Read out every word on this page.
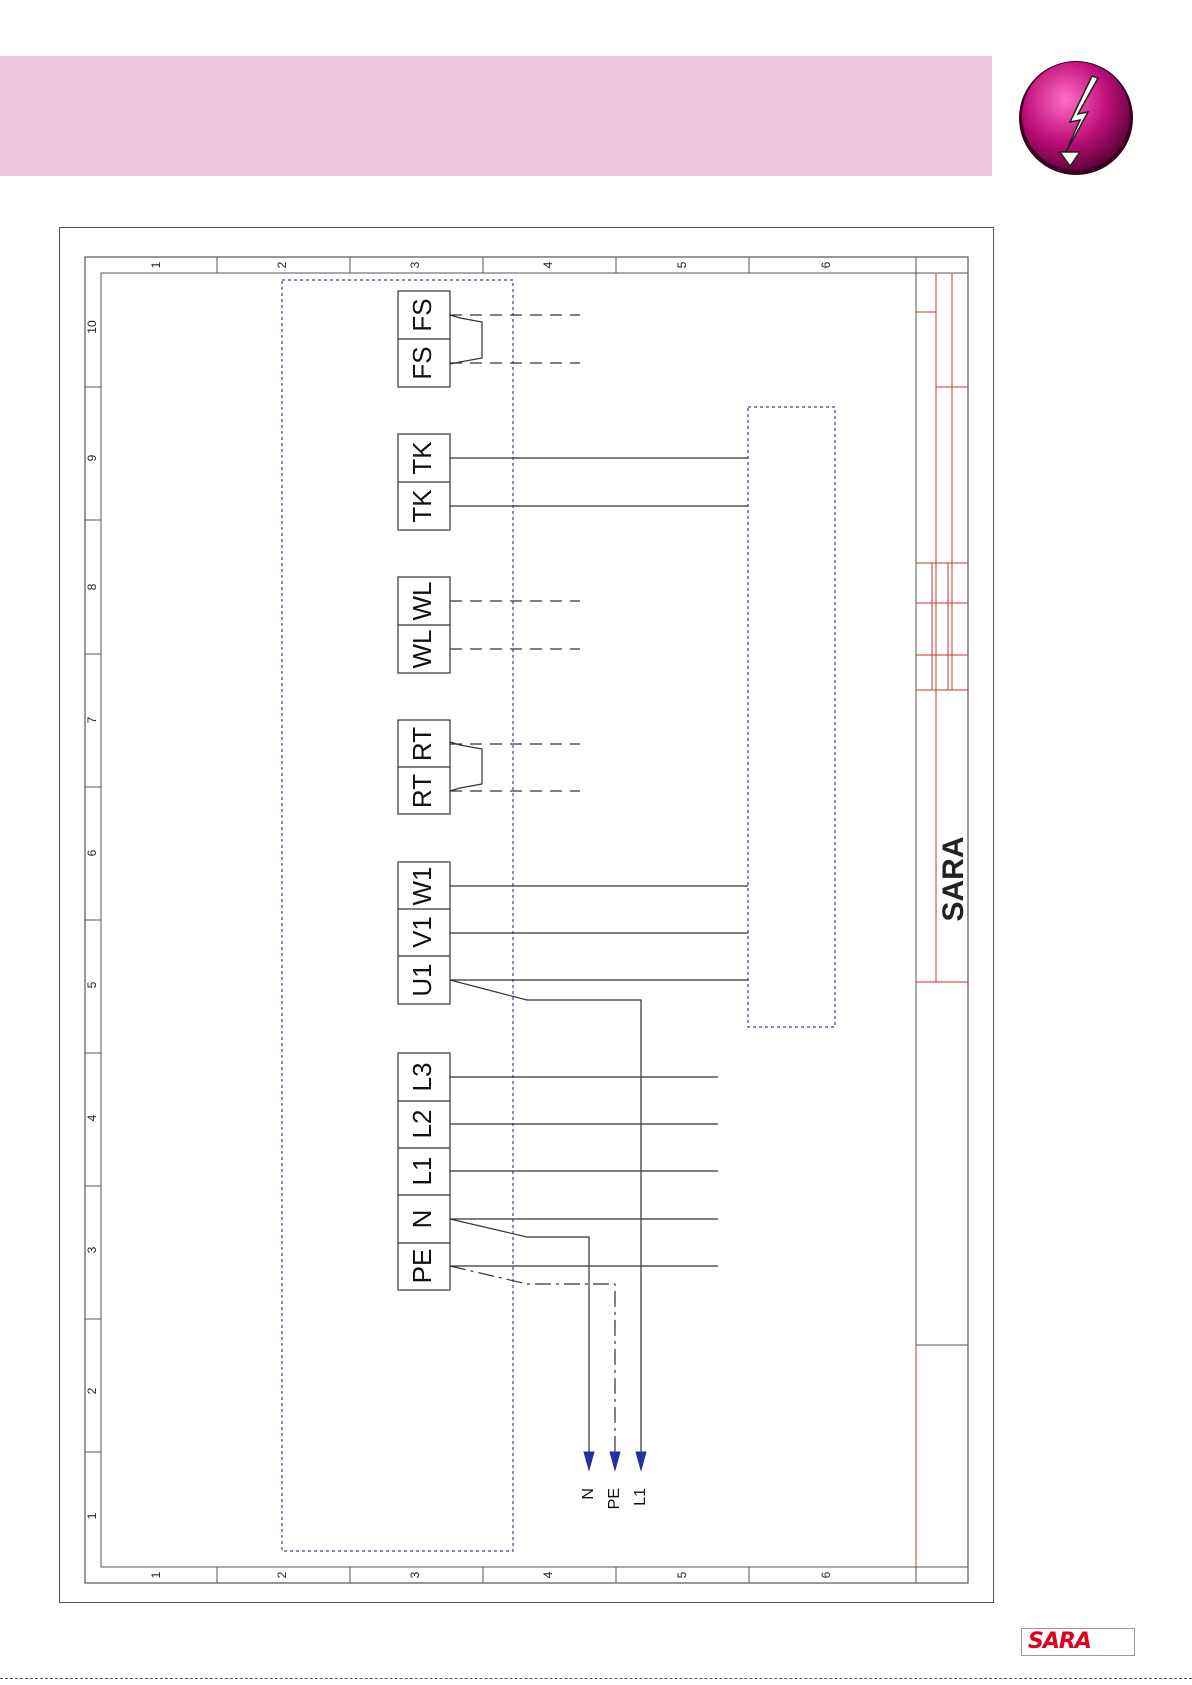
1	2	3	4	5	6
1	2	3	4	5	6
10
9
8
7
6
5
4
3
2
1
SARA
FS
FS
TK
TK
WL
WL
RT
RT
U1
V1
W1
PE
N
L1
L2
L3
N PE L1
SARA
